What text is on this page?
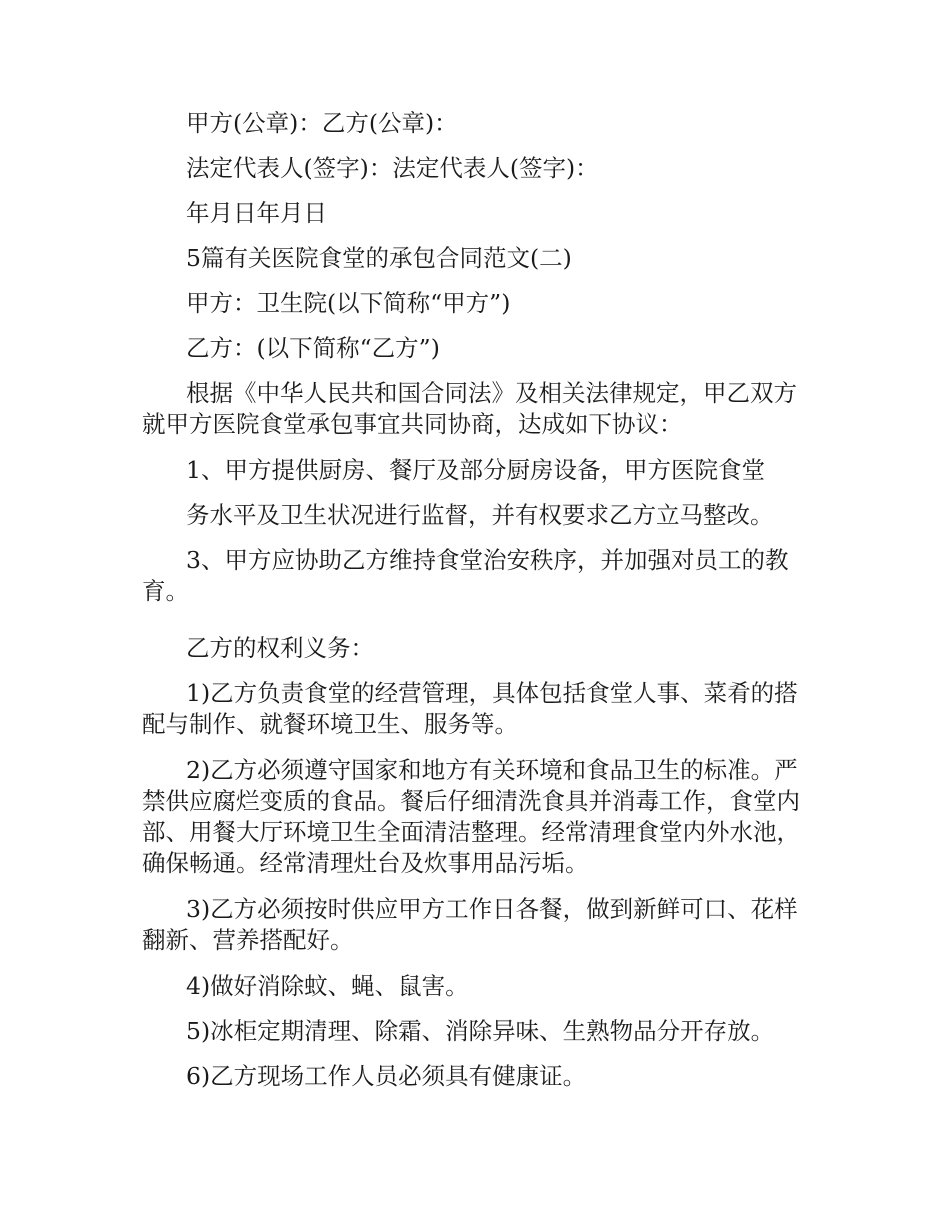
甲方(公章)：乙方(公章)：

法定代表人(签字)：法定代表人(签字)：

年月日年月日

5篇有关医院食堂的承包合同范文(二)

甲方：卫生院(以下简称“甲方”)

乙方：(以下简称“乙方”)

根据《中华人民共和国合同法》及相关法律规定，甲乙双方就甲方医院食堂承包事宜共同协商，达成如下协议：

1、甲方提供厨房、餐厅及部分厨房设备，甲方医院食堂

务水平及卫生状况进行监督，并有权要求乙方立马整改。

3、甲方应协助乙方维持食堂治安秩序，并加强对员工的教育。

乙方的权利义务：

1)乙方负责食堂的经营管理，具体包括食堂人事、菜肴的搭配与制作、就餐环境卫生、服务等。

2)乙方必须遵守国家和地方有关环境和食品卫生的标准。严禁供应腐烂变质的食品。餐后仔细清洗食具并消毒工作，食堂内部、用餐大厅环境卫生全面清洁整理。经常清理食堂内外水池，确保畅通。经常清理灶台及炊事用品污垢。

3)乙方必须按时供应甲方工作日各餐，做到新鲜可口、花样翻新、营养搭配好。

4)做好消除蚊、蝇、鼠害。

5)冰柜定期清理、除霜、消除异味、生熟物品分开存放。

6)乙方现场工作人员必须具有健康证。
